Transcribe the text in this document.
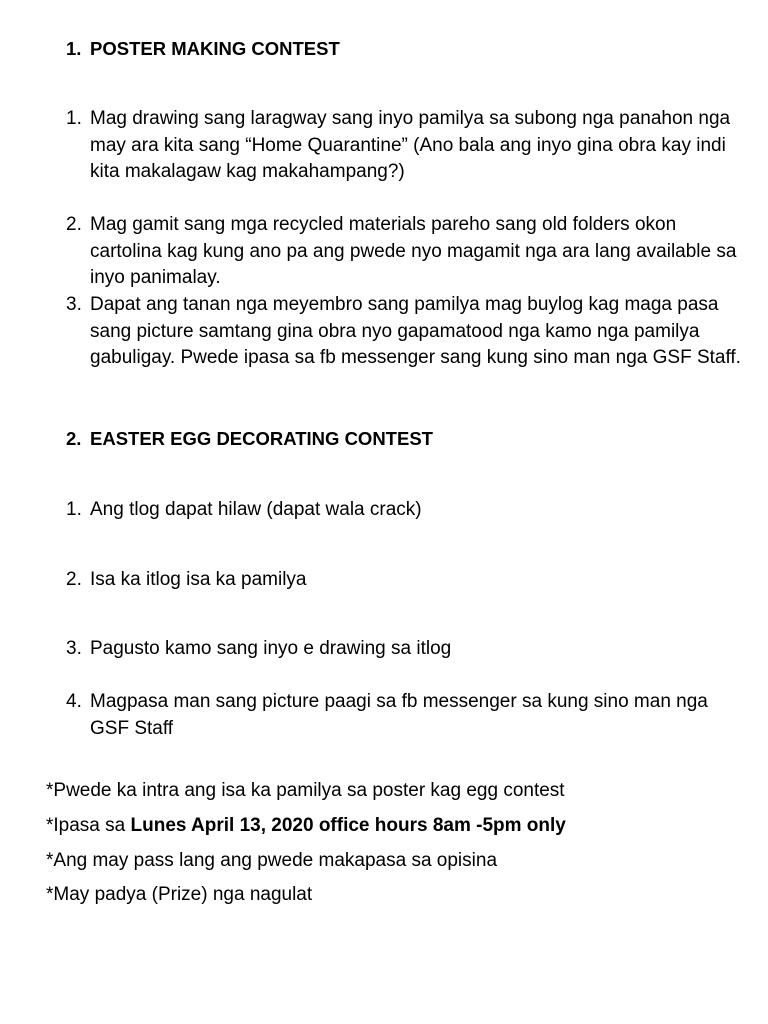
1. POSTER MAKING CONTEST
1. Mag drawing sang laragway sang inyo pamilya sa subong nga panahon nga may ara kita sang “Home Quarantine” (Ano bala ang inyo gina obra kay indi kita makalagaw kag makahampang?)
2. Mag gamit sang mga recycled materials pareho sang old folders okon cartolina kag kung ano pa ang pwede nyo magamit nga ara lang available sa inyo panimalay.
3. Dapat ang tanan nga meyembro sang pamilya mag buylog kag maga pasa sang picture samtang gina obra nyo gapamatood nga kamo nga pamilya gabuligay. Pwede ipasa sa fb messenger sang kung sino man nga GSF Staff.
2. EASTER EGG DECORATING CONTEST
1. Ang tlog dapat hilaw (dapat wala crack)
2. Isa ka itlog isa ka pamilya
3. Pagusto kamo sang inyo e drawing sa itlog
4. Magpasa man sang picture paagi sa fb messenger sa kung sino man nga GSF Staff
*Pwede ka intra ang isa ka pamilya sa poster kag egg contest
*Ipasa sa Lunes April 13, 2020 office hours 8am -5pm only
*Ang may pass lang ang pwede makapasa sa opisina
*May padya (Prize) nga nagulat
